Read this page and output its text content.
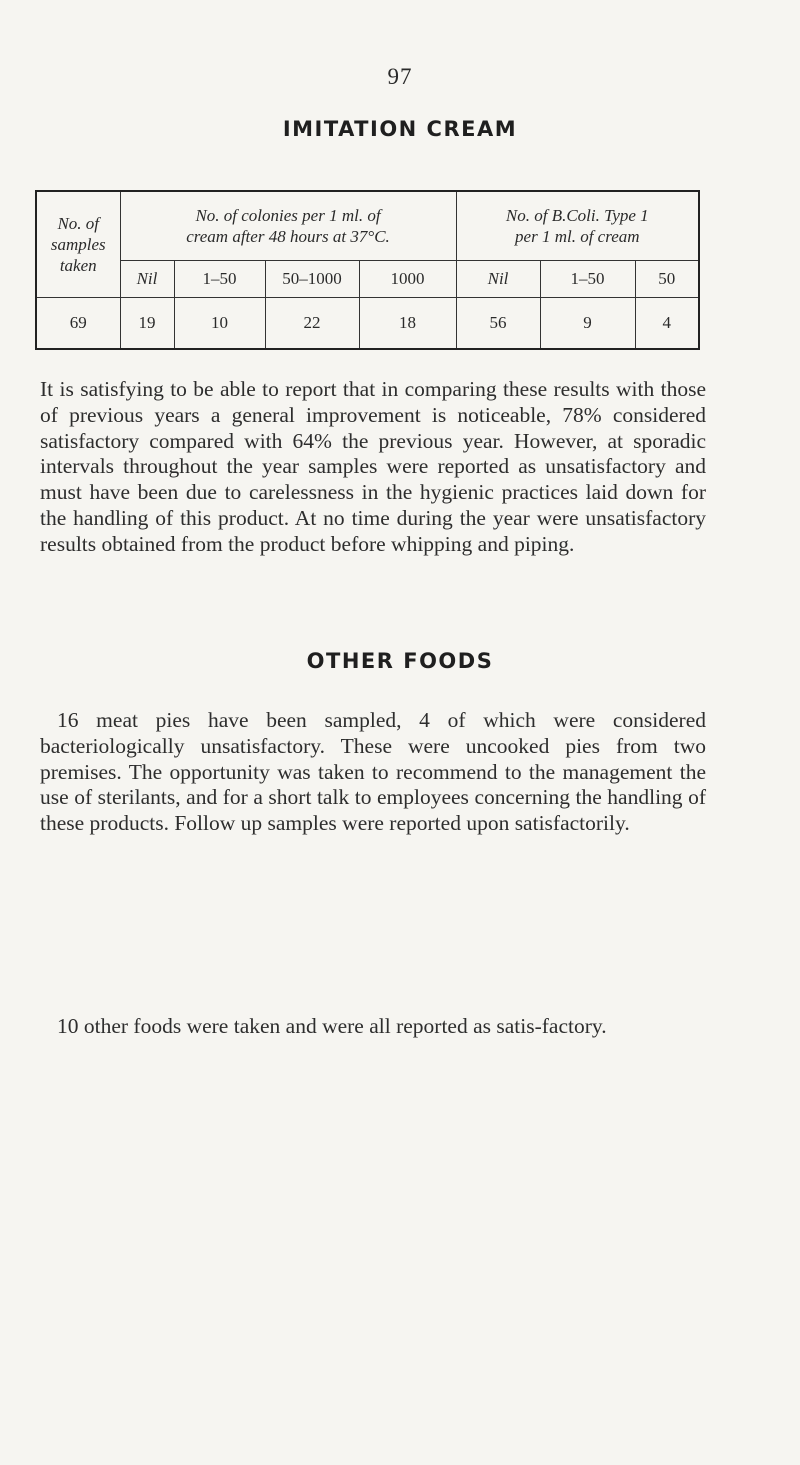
97
IMITATION CREAM
No. of samples taken	No. of colonies per 1 ml. of cream after 48 hours at 37°C.				No. of B.Coli. Type 1 per 1 ml. of cream		
	Nil	1–50	50–1000	1000	Nil	1–50	50
69	19	10	22	18	56	9	4

It is satisfying to be able to report that in comparing these results with those of previous years a general improvement is noticeable, 78% considered satisfactory compared with 64% the previous year. However, at sporadic intervals throughout the year samples were reported as unsatisfactory and must have been due to carelessness in the hygienic practices laid down for the handling of this product. At no time during the year were unsatisfactory results obtained from the product before whipping and piping.

OTHER FOODS

16 meat pies have been sampled, 4 of which were considered bacteriologically unsatisfactory. These were uncooked pies from two premises. The opportunity was taken to recommend to the management the use of sterilants, and for a short talk to employees concerning the handling of these products. Follow up samples were reported upon satisfactorily.

10 other foods were taken and were all reported as satis-factory.
